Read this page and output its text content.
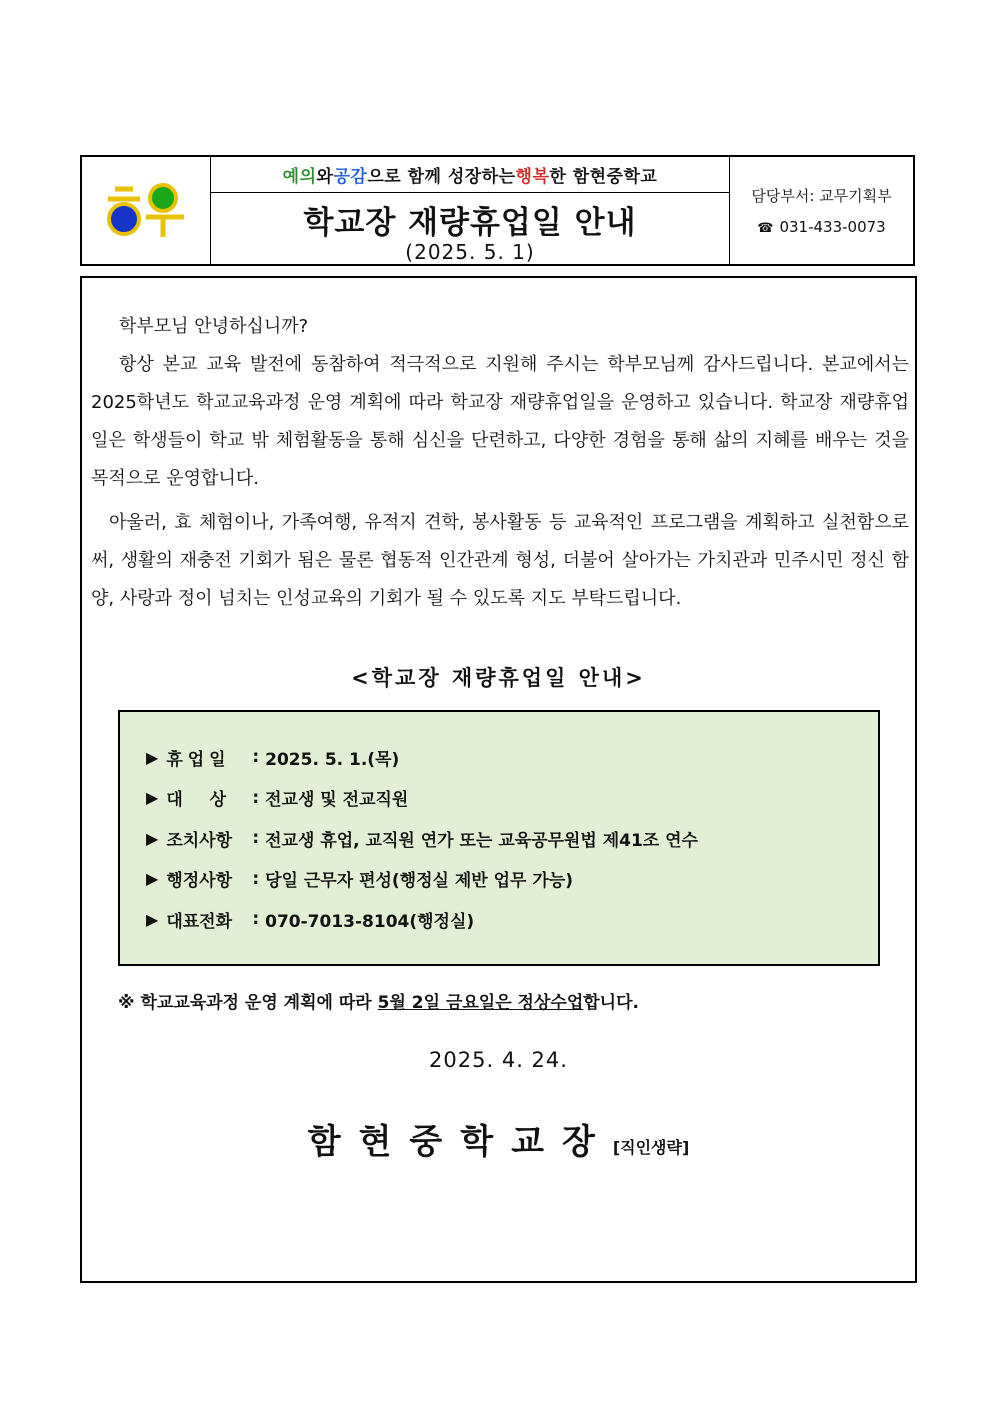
예의 와 공감 으로 함께 성장하는 행복 한 함현중학교
학교장 재량휴업일 안내
(2025. 5. 1)
담당부서: 교무기획부
☎ 031-433-0073

학부모님 안녕하십니까?

항상 본교 교육 발전에 동참하여 적극적으로 지원해 주시는 학부모님께 감사드립니다. 본교에서는 2025학년도 학교교육과정 운영 계획에 따라 학교장 재량휴업일을 운영하고 있습니다. 학교장 재량휴업일은 학생들이 학교 밖 체험활동을 통해 심신을 단련하고, 다양한 경험을 통해 삶의 지혜를 배우는 것을 목적으로 운영합니다.

아울러, 효 체험이나, 가족여행, 유적지 견학, 봉사활동 등 교육적인 프로그램을 계획하고 실천함으로써, 생활의 재충전 기회가 됨은 물론 협동적 인간관계 형성, 더불어 살아가는 가치관과 민주시민 정신 함양, 사랑과 정이 넘치는 인성교육의 기회가 될 수 있도록 지도 부탁드립니다.

<학교장 재량휴업일 안내>
▶ 휴업일	: 2025. 5. 1.(목)
▶ 대  상	: 전교생 및 전교직원
▶ 조치사항	: 전교생 휴업, 교직원 연가 또는 교육공무원법 제41조 연수
▶ 행정사항	: 당일 근무자 편성(행정실 제반 업무 가능)
▶ 대표전화	: 070-7013-8104(행정실)
※ 학교교육과정 운영 계획에 따라 5월 2일 금요일은 정상수업합니다.
2025. 4. 24.
함현중학교장[직인생략]
